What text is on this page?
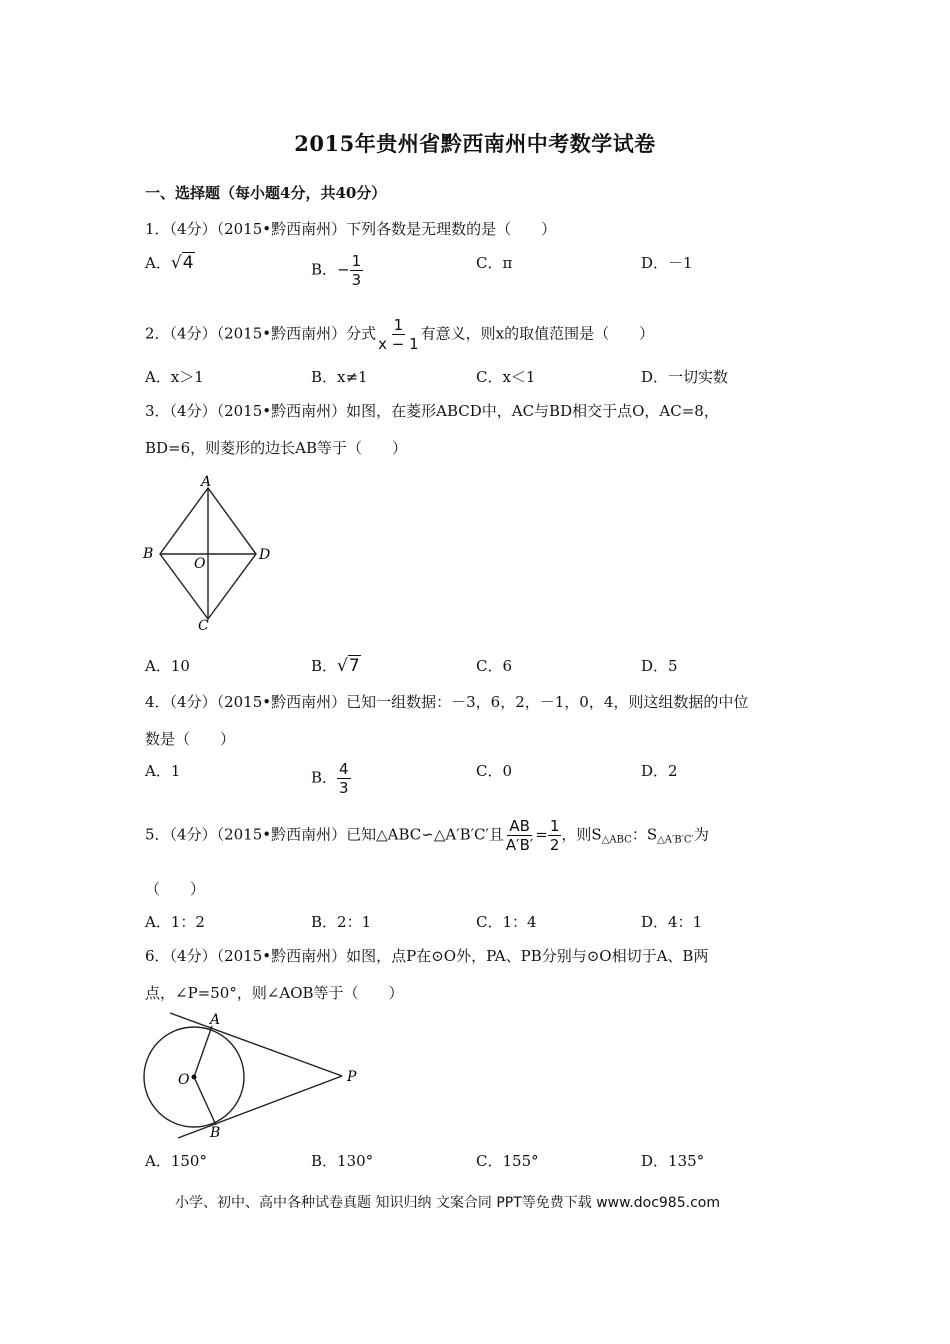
2015年贵州省黔西南州中考数学试卷
一、选择题（每小题4分，共40分）
1．（4分）（2015•黔西南州）下列各数是无理数的是（　　）
A．√4	B．− $\frac{1}{3}$	C．π	D．－1
2．（4分）（2015•黔西南州）分式 $\frac{1}{x - 1}$ 有意义，则x的取值范围是（　　）
A．x＞1	B．x≠1	C．x＜1	D．一切实数
3．（4分）（2015•黔西南州）如图，在菱形ABCD中，AC与BD相交于点O，AC=8，
BD=6，则菱形的边长AB等于（　　）
A
B	D
O
C
A．10	B．√7	C．6	D．5
4．（4分）（2015•黔西南州）已知一组数据：－3，6，2，－1，0，4，则这组数据的中位
数是（　　）
A．1	B． $\frac{4}{3}$	C．0	D．2
5．（4分）（2015•黔西南州）已知△ABC∽△A′B′C′且 $\frac{AB}{A'B'} = \frac{1}{2}$ ，则$S_{\triangle ABC}$：$S_{\triangle A'B'C'}$为
（　　）
A．1：2	B．2：1	C．1：4	D．4：1
6．（4分）（2015•黔西南州）如图，点P在⊙O外，PA、PB分别与⊙O相切于A、B两
点，∠P=50°，则∠AOB等于（　　）
A
O	P
B
A．150°	B．130°	C．155°	D．135°
小学、初中、高中各种试卷真题 知识归纳 文案合同 PPT等免费下载 www.doc985.com
